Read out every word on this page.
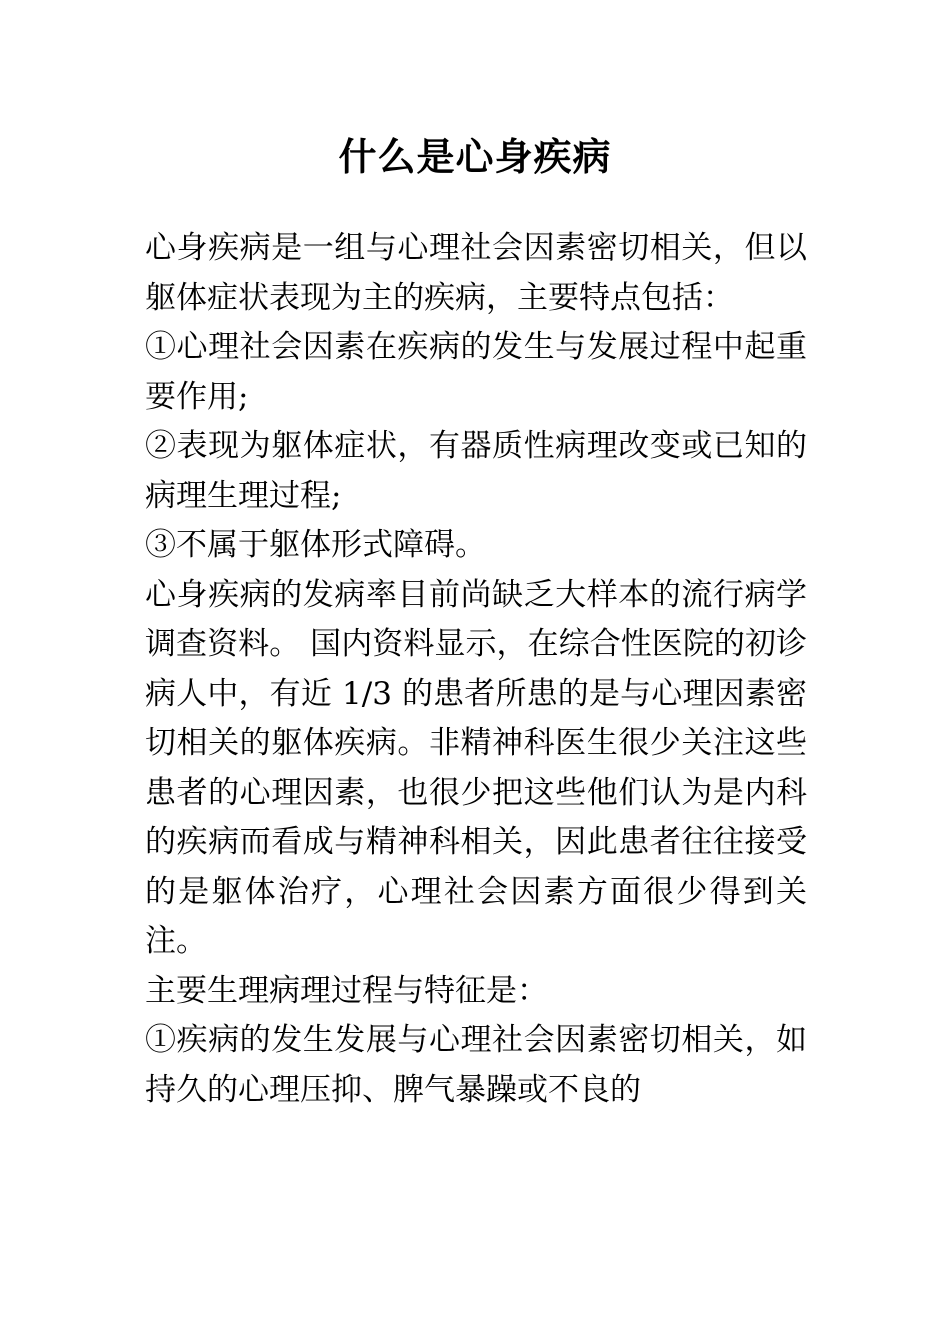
什么是心身疾病

心身疾病是一组与心理社会因素密切相关，但以躯体症状表现为主的疾病，主要特点包括：

①心理社会因素在疾病的发生与发展过程中起重要作用;

②表现为躯体症状，有器质性病理改变或已知的病理生理过程;

③不属于躯体形式障碍。

心身疾病的发病率目前尚缺乏大样本的流行病学调查资料。 国内资料显示，在综合性医院的初诊病人中，有近 1/3 的患者所患的是与心理因素密切相关的躯体疾病。非精神科医生很少关注这些患者的心理因素，也很少把这些他们认为是内科的疾病而看成与精神科相关，因此患者往往接受的是躯体治疗，心理社会因素方面很少得到关注。

主要生理病理过程与特征是：

①疾病的发生发展与心理社会因素密切相关，如持久的心理压抑、脾气暴躁或不良的
